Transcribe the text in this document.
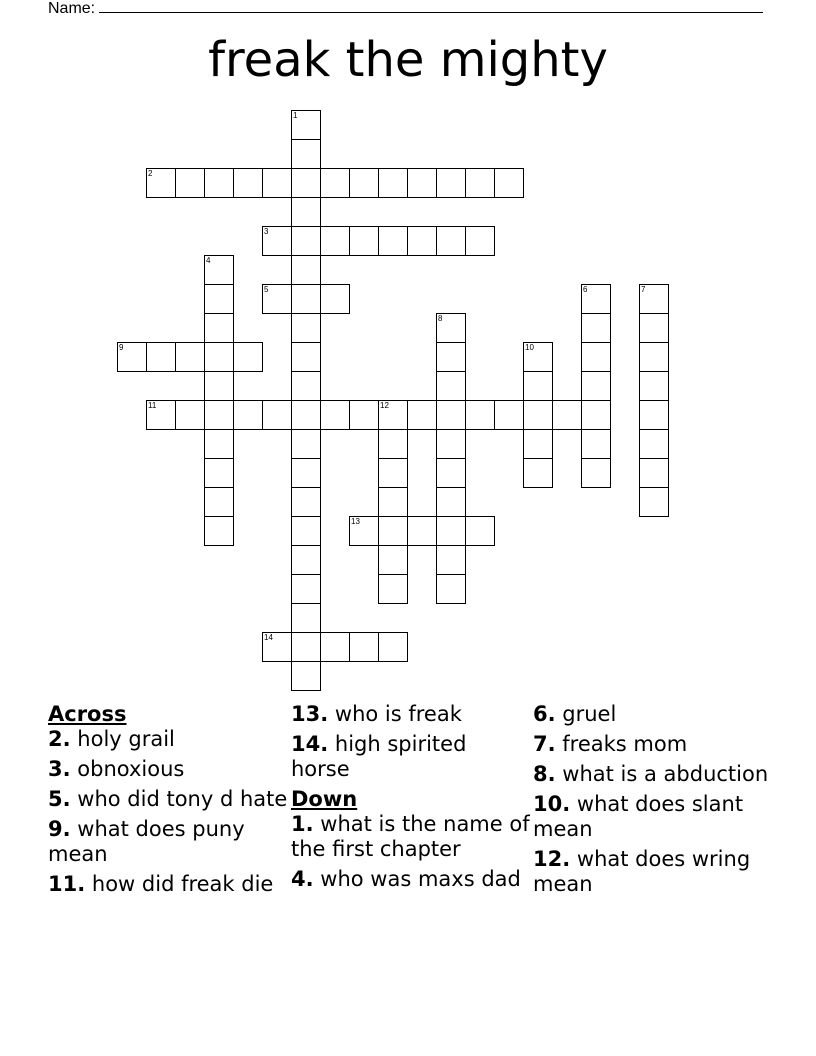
Name:
freak the mighty
1
2
3
4
5	6	7
8
9	10
11	12
13
14
Across
2. holy grail
3. obnoxious
5. who did tony d hate
9. what does puny mean
11. how did freak die
13. who is freak
14. high spirited horse
Down
1. what is the name of the first chapter
4. who was maxs dad
6. gruel
7. freaks mom
8. what is a abduction
10. what does slant mean
12. what does wring mean
